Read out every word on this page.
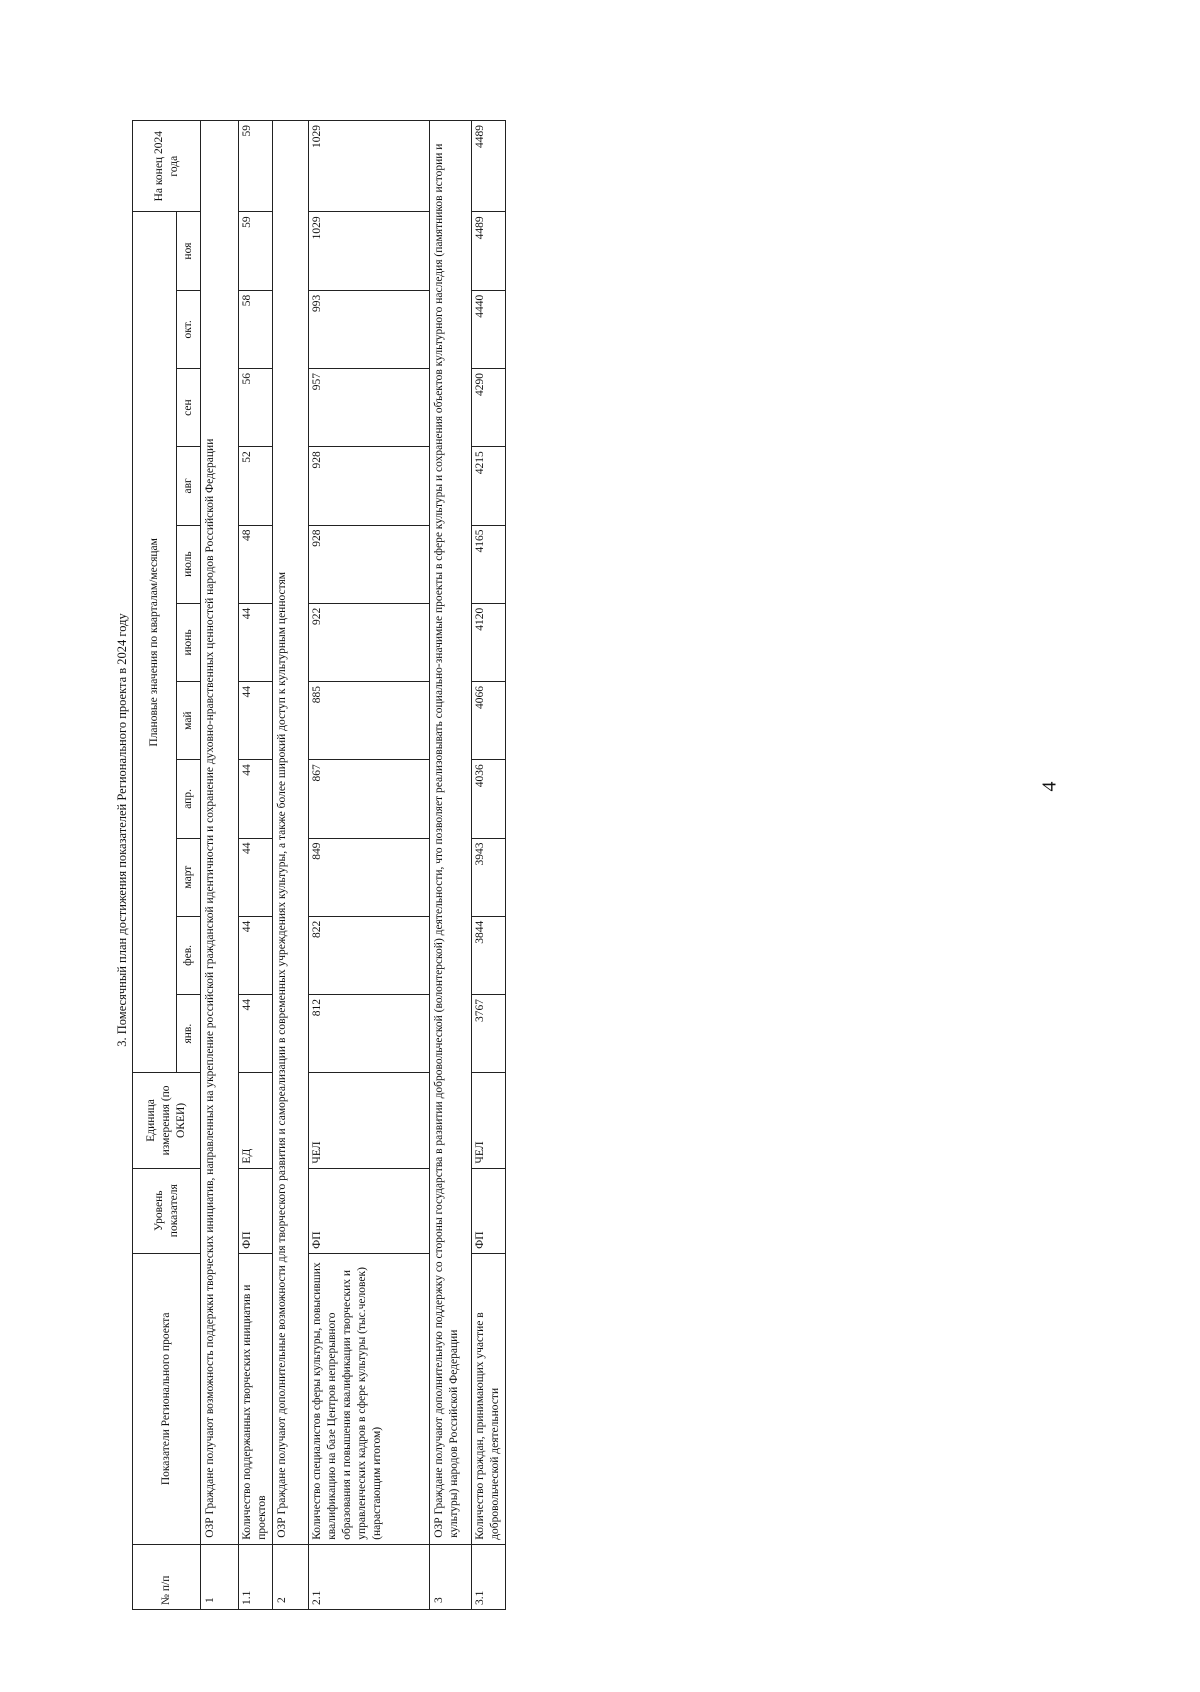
3. Помесячный план достижения показателей Регионального проекта в 2024 году
№ п/п	Показатели Регионального проекта	Уровень показателя	Единица измерения (по ОКЕИ)	Плановые значения по кварталам/месяцам											На конец 2024 года
				янв.	фев.	март	апр.	май	июнь	июль	авг	сен	окт.	ноя	
1	ОЗР Граждане получают возможность поддержки творческих инициатив, направленных на укрепление российской гражданской идентичности и сохранение духовно-нравственных ценностей народов Российской Федерации														
1.1	Количество поддержанных творческих инициатив и проектов	ФП	ЕД	44	44	44	44	44	44	48	52	56	58	59	59
2	ОЗР Граждане получают дополнительные возможности для творческого развития и самореализации в современных учреждениях культуры, а также более широкий доступ к культурным ценностям														
2.1	Количество специалистов сферы культуры, повысивших квалификацию на базе Центров непрерывного образования и повышения квалификации творческих и управленческих кадров в сфере культуры (тыс.человек) (нарастающим итогом)	ФП	ЧЕЛ	812	822	849	867	885	922	928	928	957	993	1029	1029
3	ОЗР Граждане получают дополнительную поддержку со стороны государства в развитии добровольческой (волонтерской) деятельности, что позволяет реализовывать социально-значимые проекты в сфере культуры и сохранения объектов культурного наследия (памятников истории и культуры) народов Российской Федерации														
3.1	Количество граждан, принимающих участие в добровольческой деятельности	ФП	ЧЕЛ	3767	3844	3943	4036	4066	4120	4165	4215	4290	4440	4489	4489
4
